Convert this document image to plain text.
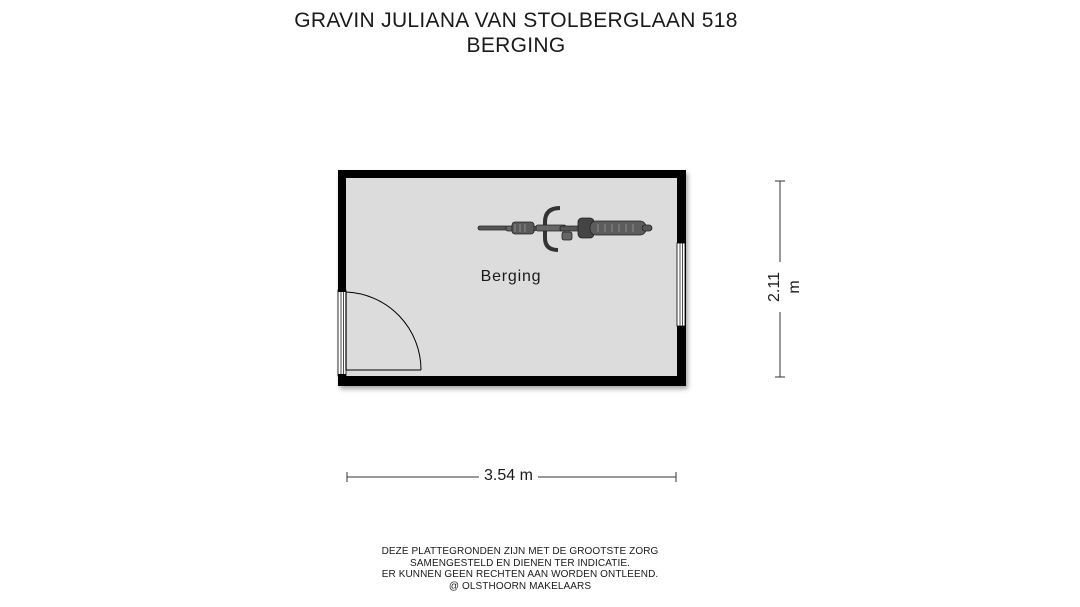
GRAVIN JULIANA VAN STOLBERGLAAN 518
BERGING
Berging
3.54 m
2.11 m
DEZE PLATTEGRONDEN ZIJN MET DE GROOTSTE ZORG
SAMENGESTELD EN DIENEN TER INDICATIE.
ER KUNNEN GEEN RECHTEN AAN WORDEN ONTLEEND.
@ OLSTHOORN MAKELAARS
